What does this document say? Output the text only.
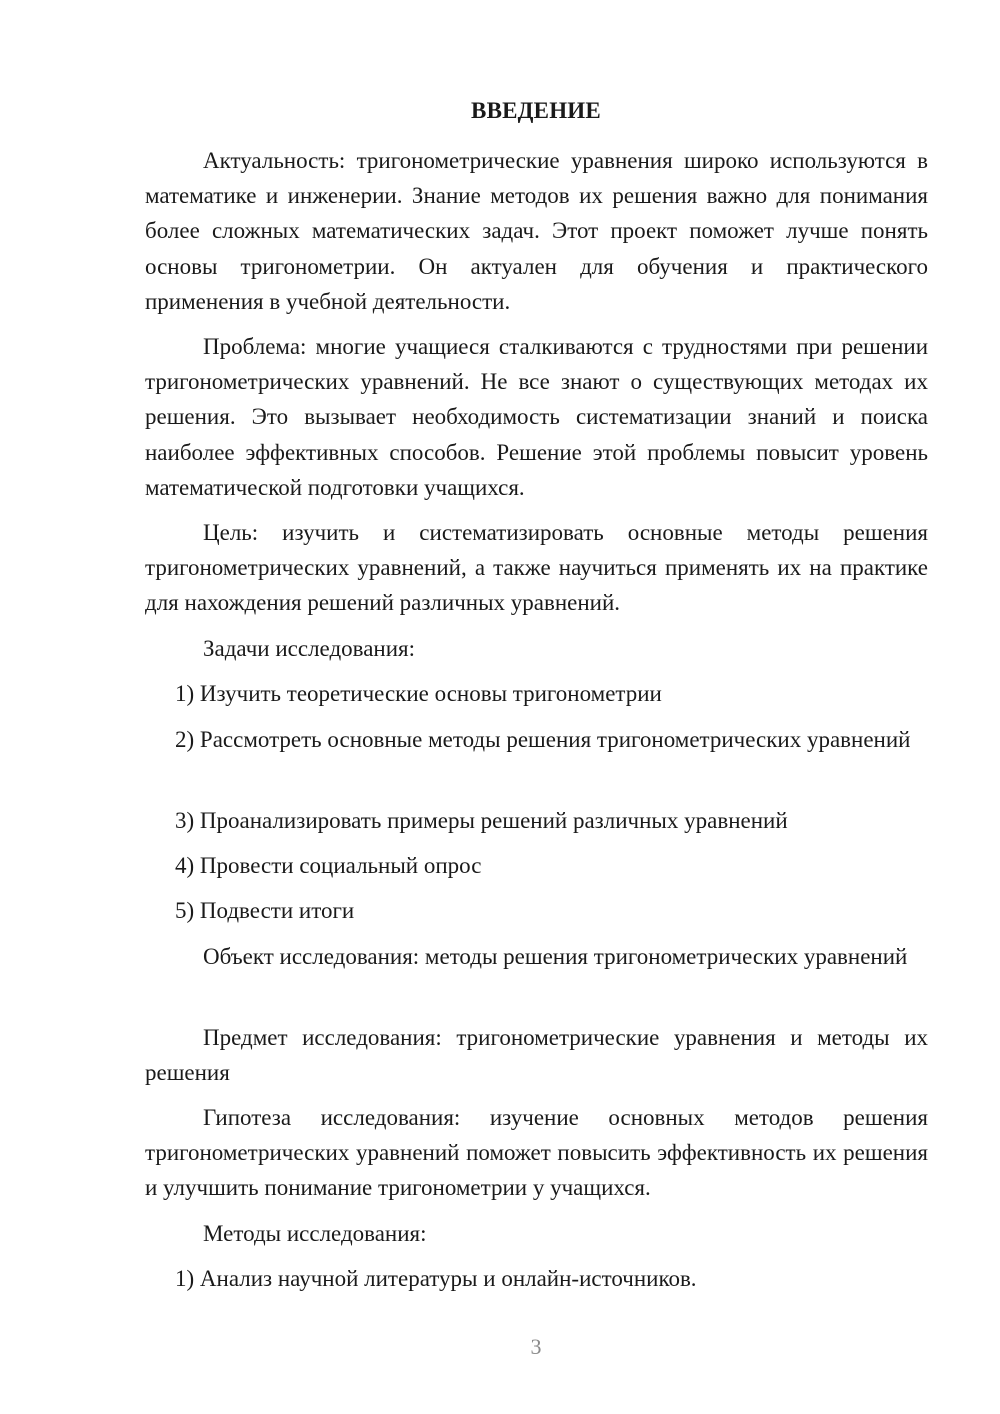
ВВЕДЕНИЕ

Актуальность: тригонометрические уравнения широко используются в математике и инженерии. Знание методов их решения важно для понимания более сложных математических задач. Этот проект поможет лучше понять основы тригонометрии. Он актуален для обучения и практического применения в учебной деятельности.

Проблема: многие учащиеся сталкиваются с трудностями при решении тригонометрических уравнений. Не все знают о существующих методах их решения. Это вызывает необходимость систематизации знаний и поиска наиболее эффективных способов. Решение этой проблемы повысит уровень математической подготовки учащихся.

Цель: изучить и систематизировать основные методы решения тригонометрических уравнений, а также научиться применять их на практике для нахождения решений различных уравнений.

Задачи исследования:

1) Изучить теоретические основы тригонометрии

2) Рассмотреть основные методы решения тригонометрических уравнений

3) Проанализировать примеры решений различных уравнений

4) Провести социальный опрос

5) Подвести итоги

Объект исследования: методы решения тригонометрических уравнений

Предмет исследования: тригонометрические уравнения и методы их решения

Гипотеза исследования: изучение основных методов решения тригонометрических уравнений поможет повысить эффективность их решения и улучшить понимание тригонометрии у учащихся.

Методы исследования:

1) Анализ научной литературы и онлайн-источников.

3
